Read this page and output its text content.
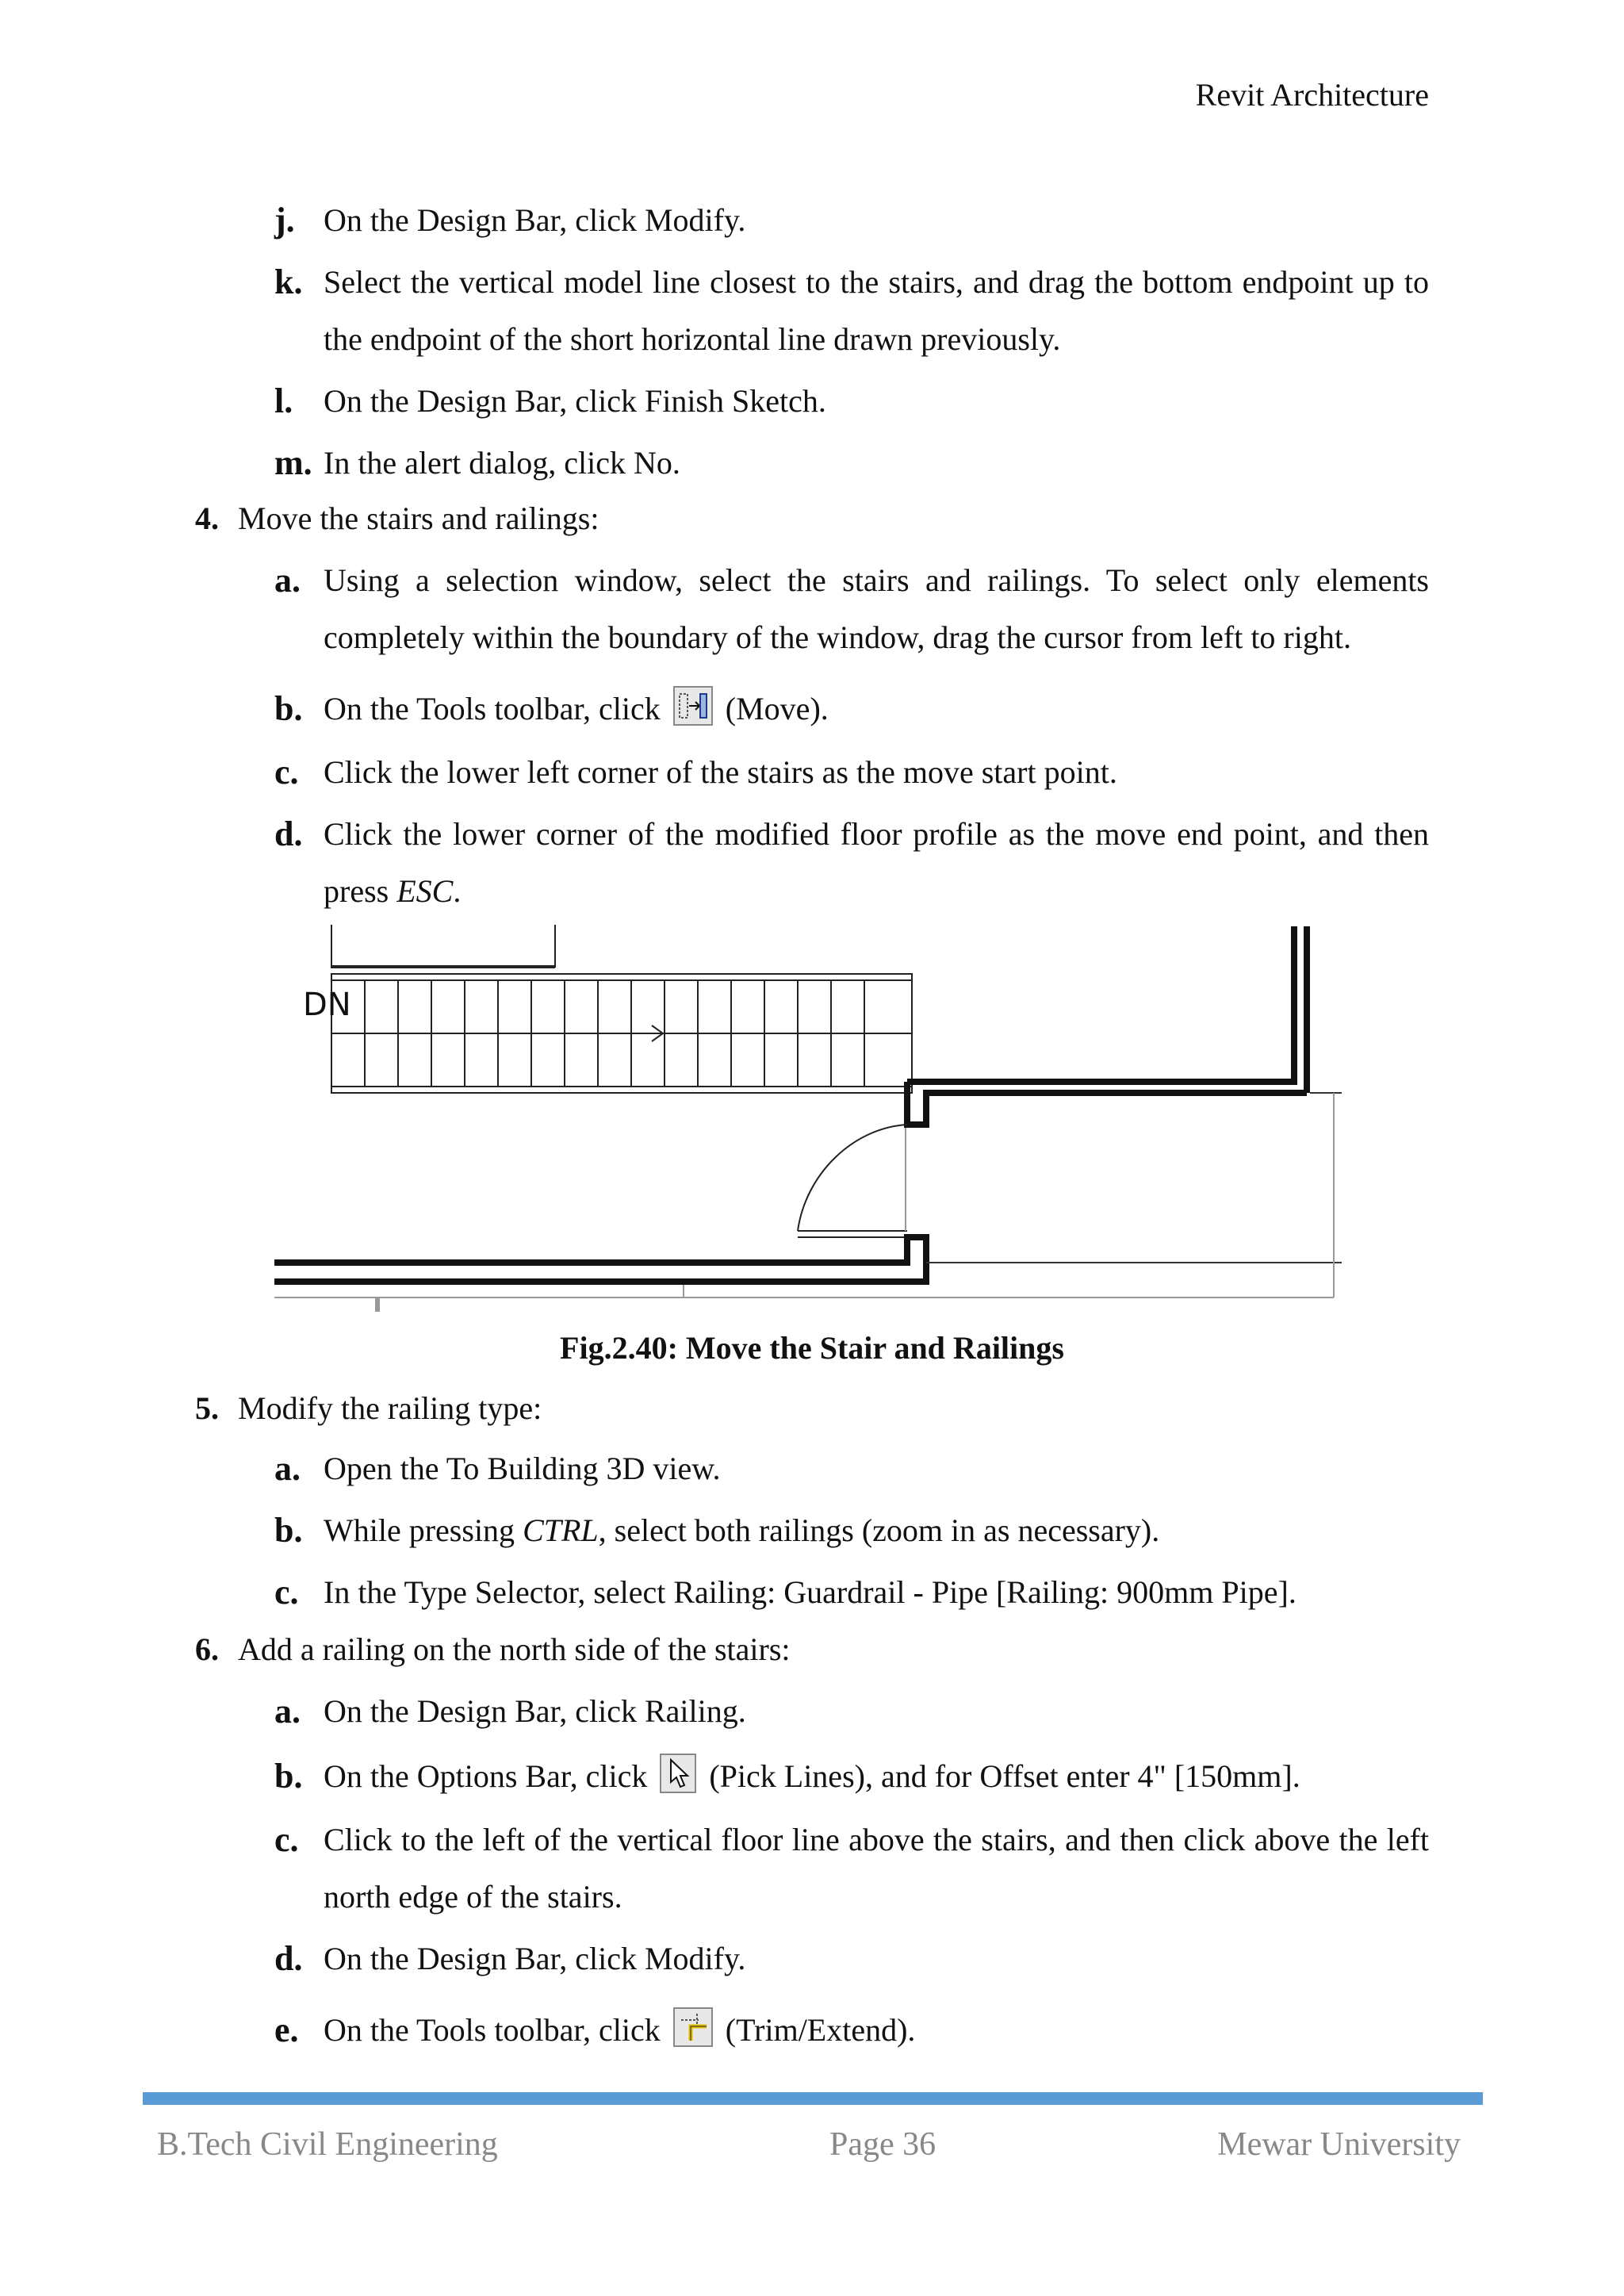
Revit Architecture
j. On the Design Bar, click Modify.
k. Select the vertical model line closest to the stairs, and drag the bottom endpoint up to
the endpoint of the short horizontal line drawn previously.
l. On the Design Bar, click Finish Sketch.
m. In the alert dialog, click No.
4. Move the stairs and railings:
a. Using a selection window, select the stairs and railings. To select only elements
completely within the boundary of the window, drag the cursor from left to right.
b. On the Tools toolbar, click (Move).
c. Click the lower left corner of the stairs as the move start point.
d. Click the lower corner of the modified floor profile as the move end point, and then
press ESC.
DN
Fig.2.40: Move the Stair and Railings
5. Modify the railing type:
a. Open the To Building 3D view.
b. While pressing CTRL, select both railings (zoom in as necessary).
c. In the Type Selector, select Railing: Guardrail - Pipe [Railing: 900mm Pipe].
6. Add a railing on the north side of the stairs:
a. On the Design Bar, click Railing.
b. On the Options Bar, click (Pick Lines), and for Offset enter 4" [150mm].
c. Click to the left of the vertical floor line above the stairs, and then click above the left
north edge of the stairs.
d. On the Design Bar, click Modify.
e. On the Tools toolbar, click (Trim/Extend).
B.Tech Civil Engineering	Page 36	Mewar University
